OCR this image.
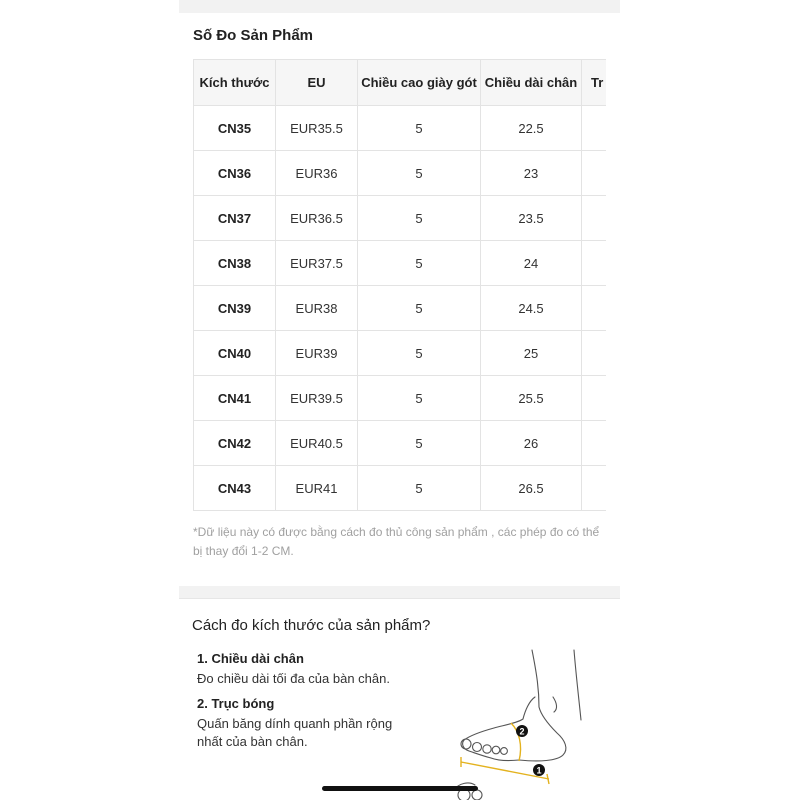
Số Đo Sản Phẩm
Kích thước	EU	Chiều cao giày gót	Chiều dài chân	Tr
CN35	EUR35.5	5	22.5	
CN36	EUR36	5	23	
CN37	EUR36.5	5	23.5	
CN38	EUR37.5	5	24	
CN39	EUR38	5	24.5	
CN40	EUR39	5	25	
CN41	EUR39.5	5	25.5	
CN42	EUR40.5	5	26	
CN43	EUR41	5	26.5	
*Dữ liệu này có được bằng cách đo thủ công sản phẩm , các phép đo có thể bị thay đổi 1-2 CM.
Cách đo kích thước của sản phẩm?
1. Chiều dài chân
Đo chiều dài tối đa của bàn chân.
2. Trục bóng
Quấn băng dính quanh phần rộng nhất của bàn chân.
2
1
